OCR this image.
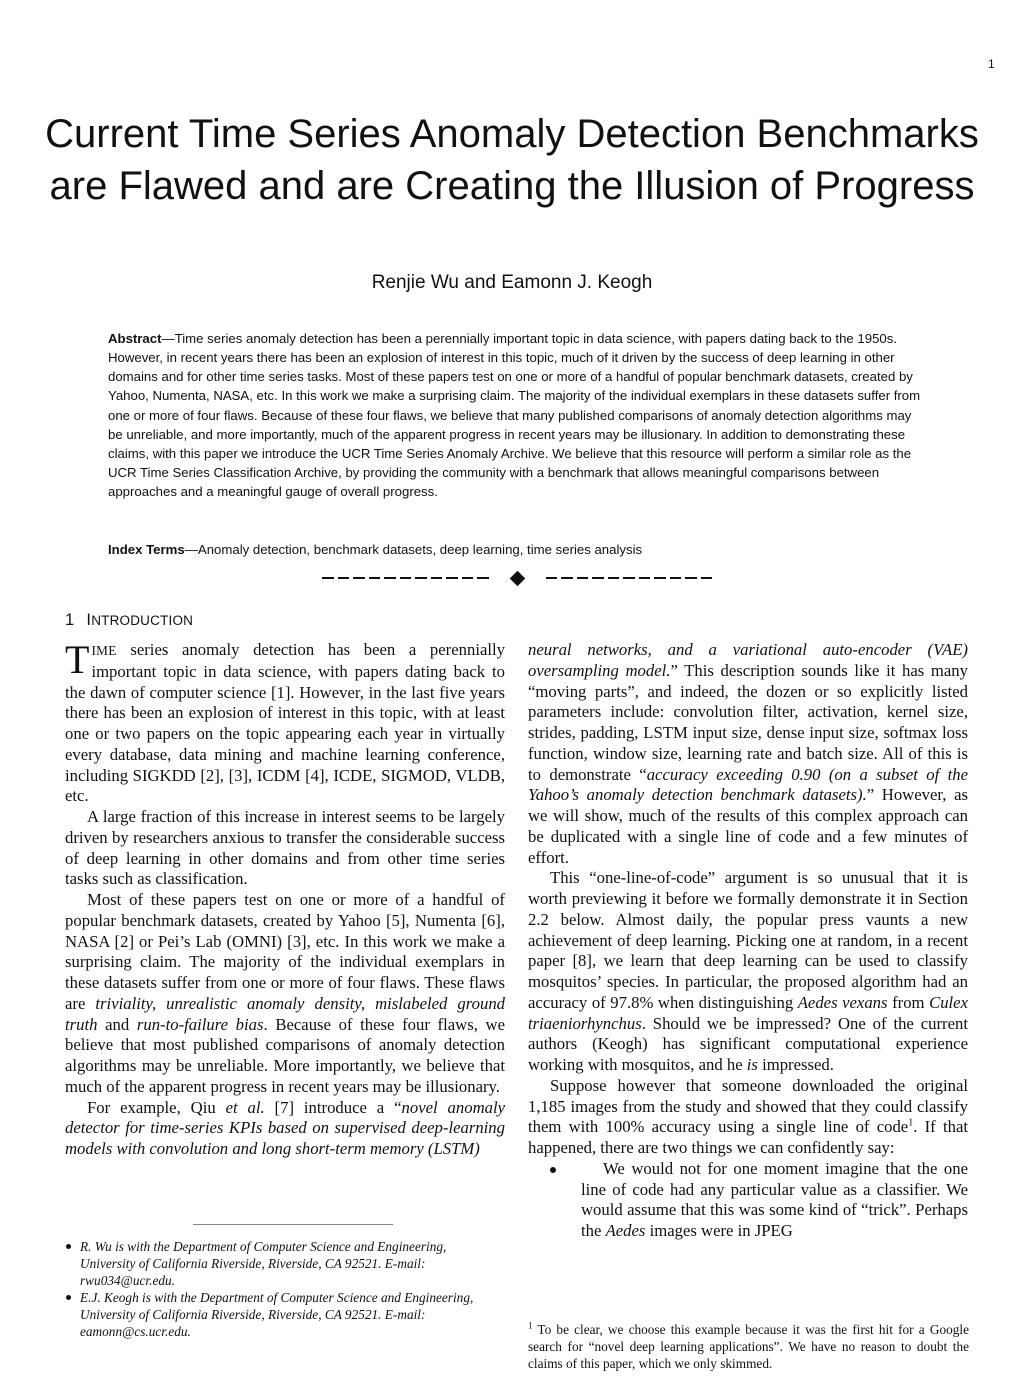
1
Current Time Series Anomaly Detection Benchmarks are Flawed and are Creating the Illusion of Progress
Renjie Wu and Eamonn J. Keogh
Abstract—Time series anomaly detection has been a perennially important topic in data science, with papers dating back to the 1950s. However, in recent years there has been an explosion of interest in this topic, much of it driven by the success of deep learning in other domains and for other time series tasks. Most of these papers test on one or more of a handful of popular benchmark datasets, created by Yahoo, Numenta, NASA, etc. In this work we make a surprising claim. The majority of the individual exemplars in these datasets suffer from one or more of four flaws. Because of these four flaws, we believe that many published comparisons of anomaly detection algorithms may be unreliable, and more importantly, much of the apparent progress in recent years may be illusionary. In addition to demonstrating these claims, with this paper we introduce the UCR Time Series Anomaly Archive. We believe that this resource will perform a similar role as the UCR Time Series Classification Archive, by providing the community with a benchmark that allows meaningful comparisons between approaches and a meaningful gauge of overall progress.
Index Terms—Anomaly detection, benchmark datasets, deep learning, time series analysis
1 INTRODUCTION

TIME series anomaly detection has been a perennially important topic in data science, with papers dating back to the dawn of computer science [1]. However, in the last five years there has been an explosion of interest in this topic, with at least one or two papers on the topic appearing each year in virtually every database, data mining and machine learning conference, including SIGKDD [2], [3], ICDM [4], ICDE, SIGMOD, VLDB, etc.

A large fraction of this increase in interest seems to be largely driven by researchers anxious to transfer the considerable success of deep learning in other domains and from other time series tasks such as classification.

Most of these papers test on one or more of a handful of popular benchmark datasets, created by Yahoo [5], Numenta [6], NASA [2] or Pei’s Lab (OMNI) [3], etc. In this work we make a surprising claim. The majority of the individual exemplars in these datasets suffer from one or more of four flaws. These flaws are triviality, unrealistic anomaly density, mislabeled ground truth and run-to-failure bias. Because of these four flaws, we believe that most published comparisons of anomaly detection algorithms may be unreliable. More importantly, we believe that much of the apparent progress in recent years may be illusionary.

For example, Qiu et al. [7] introduce a “novel anomaly detector for time-series KPIs based on supervised deep-learning models with convolution and long short-term memory (LSTM)

neural networks, and a variational auto-encoder (VAE) oversampling model.” This description sounds like it has many “moving parts”, and indeed, the dozen or so explicitly listed parameters include: convolution filter, activation, kernel size, strides, padding, LSTM input size, dense input size, softmax loss function, window size, learning rate and batch size. All of this is to demonstrate “accuracy exceeding 0.90 (on a subset of the Yahoo’s anomaly detection benchmark datasets).” However, as we will show, much of the results of this complex approach can be duplicated with a single line of code and a few minutes of effort.

This “one-line-of-code” argument is so unusual that it is worth previewing it before we formally demonstrate it in Section 2.2 below. Almost daily, the popular press vaunts a new achievement of deep learning. Picking one at random, in a recent paper [8], we learn that deep learning can be used to classify mosquitos’ species. In particular, the proposed algorithm had an accuracy of 97.8% when distinguishing Aedes vexans from Culex triaeniorhynchus. Should we be impressed? One of the current authors (Keogh) has significant computational experience working with mosquitos, and he is impressed.

Suppose however that someone downloaded the original 1,185 images from the study and showed that they could classify them with 100% accuracy using a single line of code$^1$. If that happened, there are two things we can confidently say:

We would not for one moment imagine that the one line of code had any particular value as a classifier. We would assume that this was some kind of “trick”. Perhaps the Aedes images were in JPEG

R. Wu is with the Department of Computer Science and Engineering, University of California Riverside, Riverside, CA 92521. E-mail: rwu034@ucr.edu.
E.J. Keogh is with the Department of Computer Science and Engineering, University of California Riverside, Riverside, CA 92521. E-mail: eamonn@cs.ucr.edu.	$^1$ To be clear, we choose this example because it was the first hit for a Google search for “novel deep learning applications”. We have no reason to doubt the claims of this paper, which we only skimmed.
